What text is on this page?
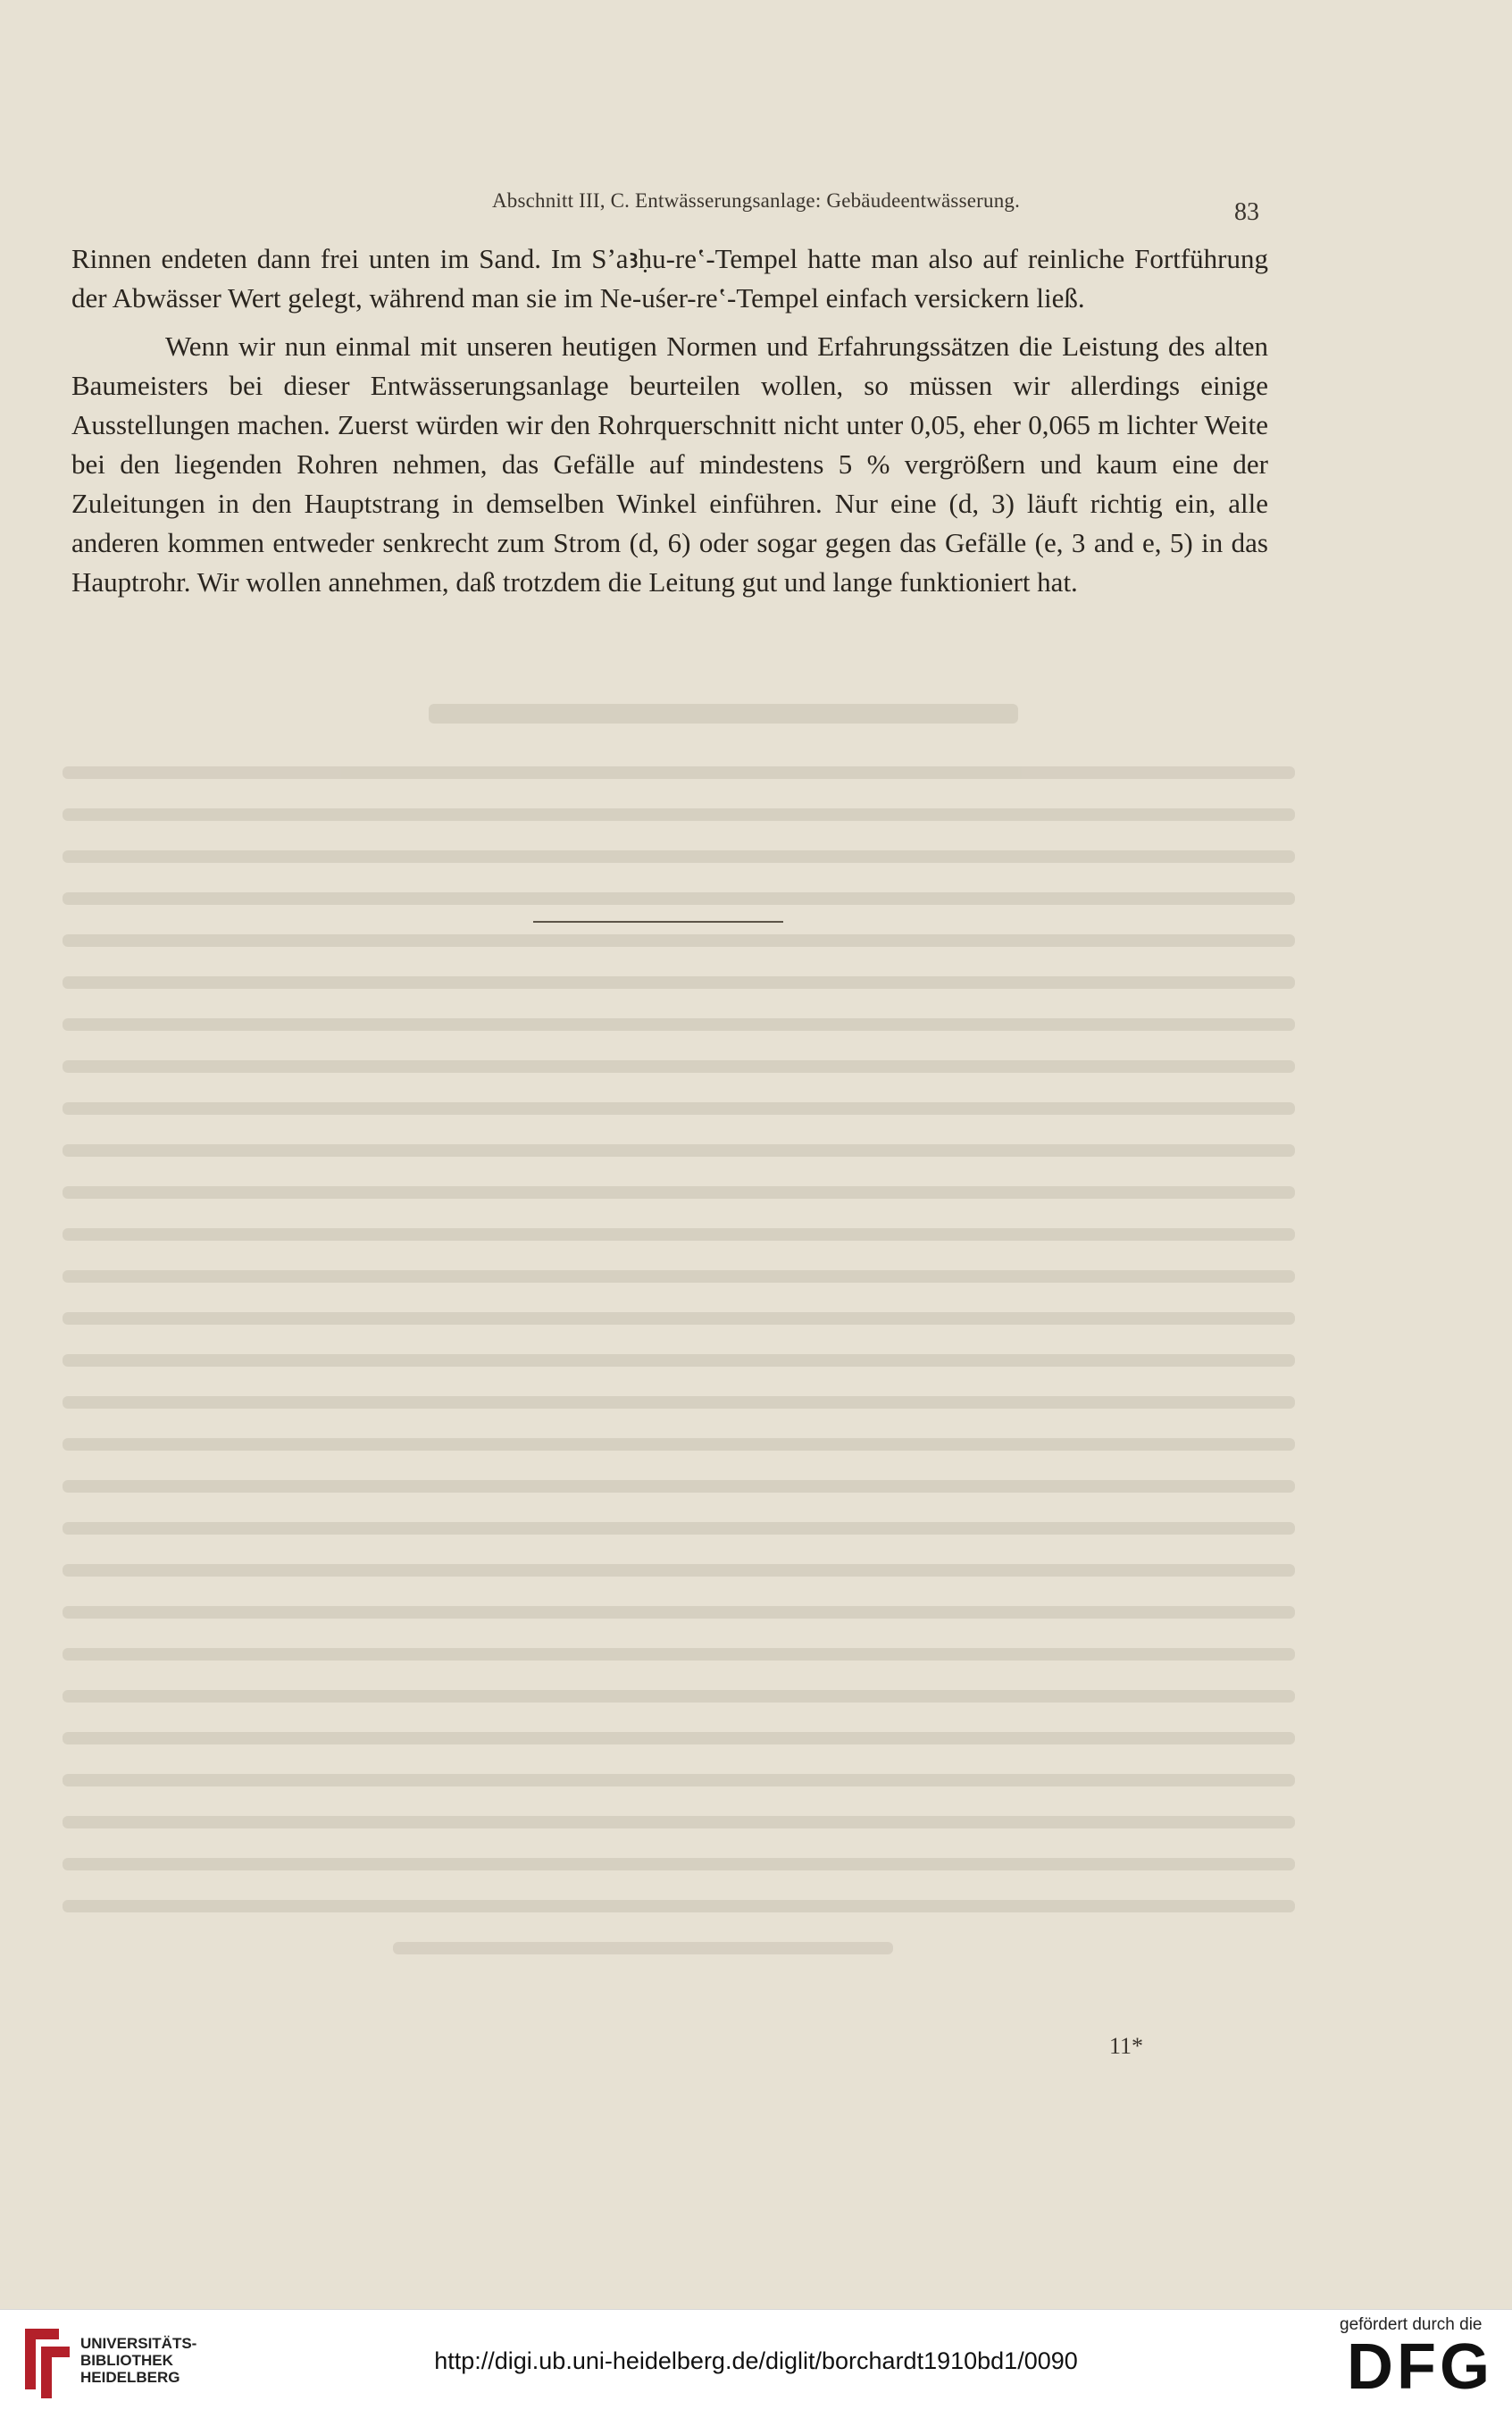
Abschnitt III, C. Entwässerungsanlage: Gebäudeentwässerung.	83

Rinnen endeten dann frei unten im Sand. Im Sʼaꜣḥu-reʽ-Tempel hatte man also auf reinliche Fortführung der Abwässer Wert gelegt, während man sie im Ne-uśer-reʽ-Tempel einfach versickern ließ.

Wenn wir nun einmal mit unseren heutigen Normen und Erfahrungssätzen die Leistung des alten Baumeisters bei dieser Entwässerungsanlage beurteilen wollen, so müssen wir allerdings einige Ausstellungen machen. Zuerst würden wir den Rohrquerschnitt nicht unter 0,05, eher 0,065 m lichter Weite bei den liegenden Rohren nehmen, das Gefälle auf mindestens 5 % vergrößern und kaum eine der Zuleitungen in den Hauptstrang in demselben Winkel einführen. Nur eine (d, 3) läuft richtig ein, alle anderen kommen entweder senkrecht zum Strom (d, 6) oder sogar gegen das Gefälle (e, 3 and e, 5) in das Hauptrohr. Wir wollen annehmen, daß trotzdem die Leitung gut und lange funktioniert hat.

11*
UNIVERSITÄTS-
BIBLIOTHEK
HEIDELBERG
http://digi.ub.uni-heidelberg.de/diglit/borchardt1910bd1/0090
gefördert durch die
DFG
